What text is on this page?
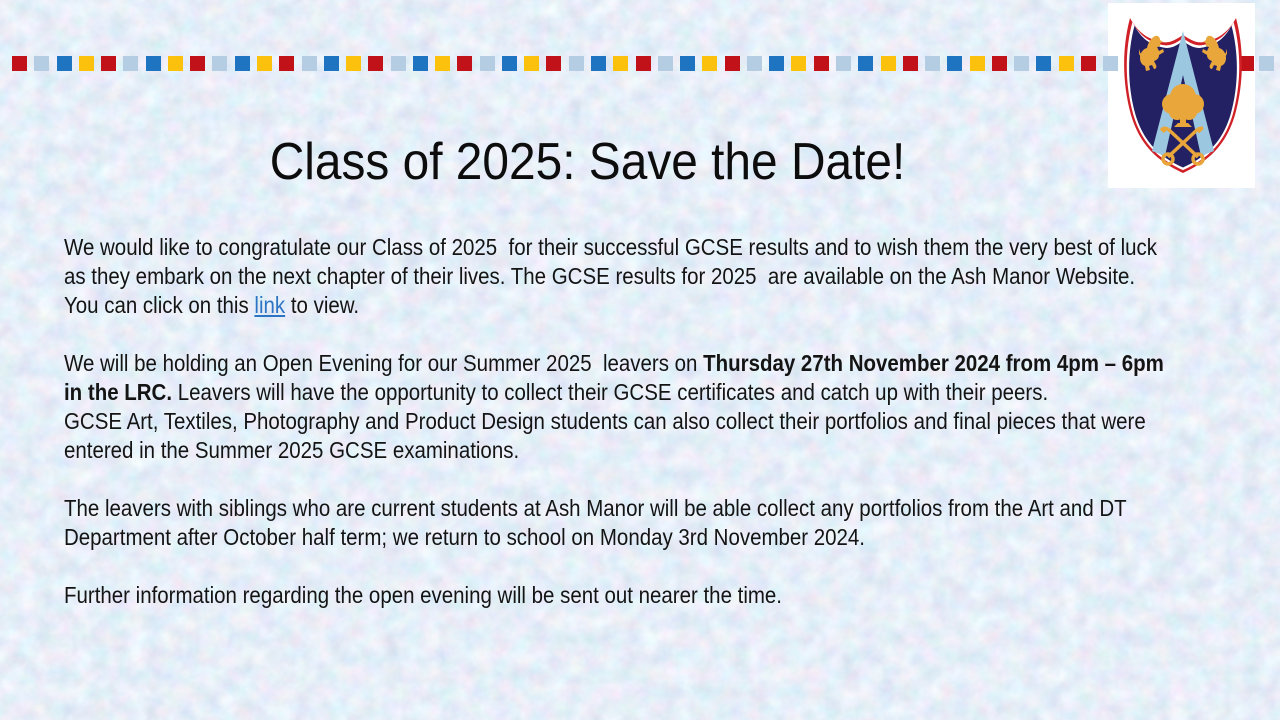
Class of 2025: Save the Date!
We would like to congratulate our Class of 2025  for their successful GCSE results and to wish them the very best of luck
as they embark on the next chapter of their lives. The GCSE results for 2025  are available on the Ash Manor Website.
You can click on this link to view.
We will be holding an Open Evening for our Summer 2025  leavers on Thursday 27th November 2024 from 4pm – 6pm
in the LRC. Leavers will have the opportunity to collect their GCSE certificates and catch up with their peers.
GCSE Art, Textiles, Photography and Product Design students can also collect their portfolios and final pieces that were
entered in the Summer 2025 GCSE examinations.
The leavers with siblings who are current students at Ash Manor will be able collect any portfolios from the Art and DT
Department after October half term; we return to school on Monday 3rd November 2024.
Further information regarding the open evening will be sent out nearer the time.
